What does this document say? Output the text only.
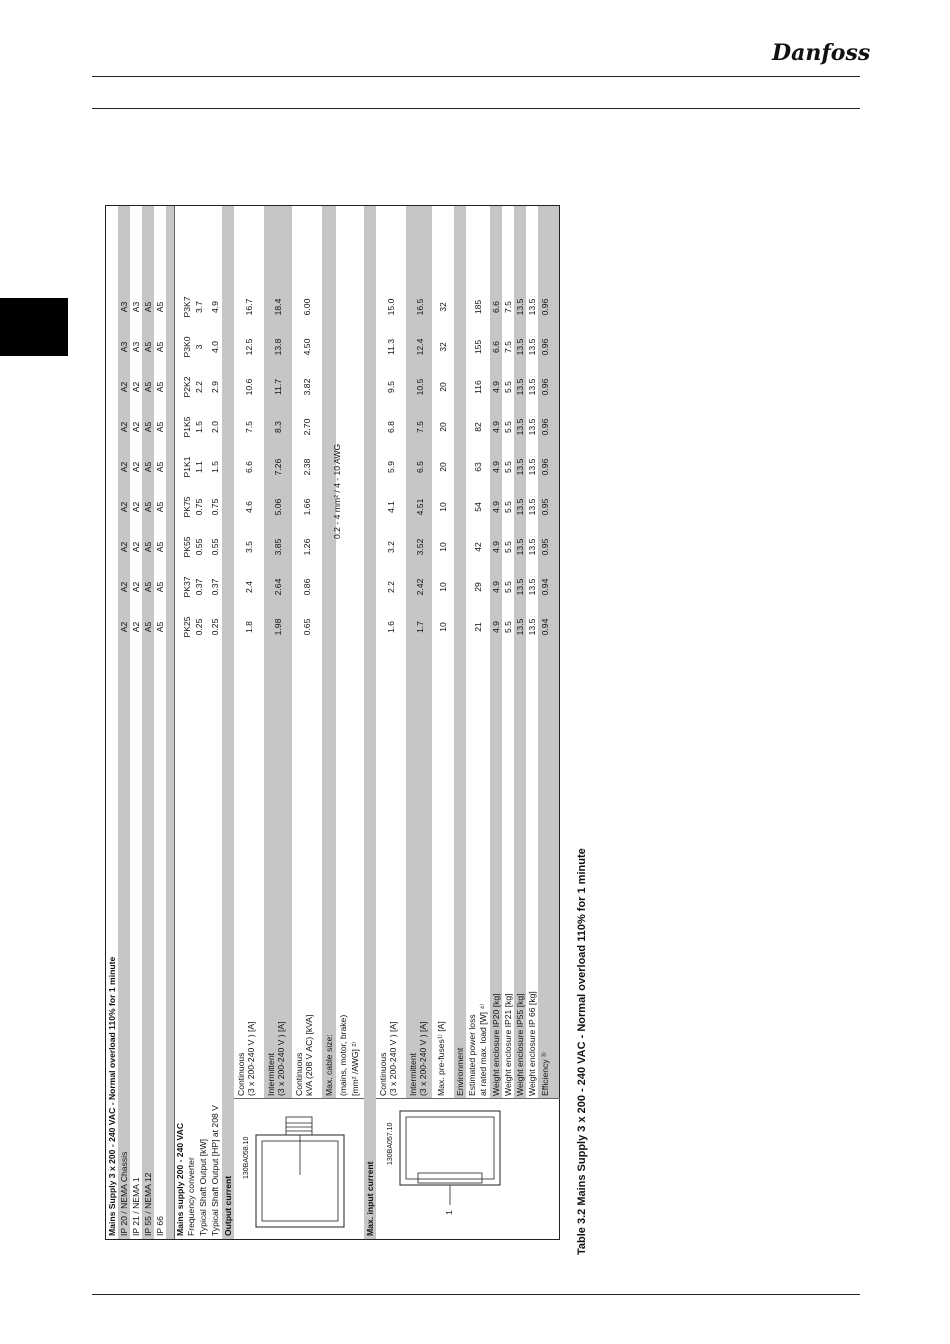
Danfoss
Mains Supply 3 x 200 - 240 VAC - Normal overload 110% for 1 minute IP 20 / NEMA Chassis
A2
A2
A2
A2
A2
A2
A2
A3
A3
IP 21 / NEMA 1
A2
A2
A2
A2
A2
A2
A2
A3
A3
IP 55 / NEMA 12
A5
A5
A5
A5
A5
A5
A5
A5
A5
IP 66
A5
A5
A5
A5
A5
A5
A5
A5
A5
Mains supply 200 - 240 VAC Frequency converter
PK25
PK37
PK55
PK75
P1K1
P1K5
P2K2
P3K0
P3K7
Typical Shaft Output [kW]
0.25
0.37
0.55
0.75
1.1
1.5
2.2
3
3.7
Typical Shaft Output [HP] at 208 V
0.25
0.37
0.55
0.75
1.5
2.0
2.9
4.0
4.9
Output current
Continuous (3 x 200-240 V ) [A]
1.8
2.4
3.5
4.6
6.6
7.5
10.6
12.5
16.7
Intermittent (3 x 200-240 V ) [A]
1.98
2.64
3.85
5.06
7.26
8.3
11.7
13.8
18.4
Continuous kVA (208 V AC) [kVA]
0.65
0.86
1.26
1.66
2.38
2.70
3.82
4.50
6.00
Max. cable size: (mains, motor, brake) [mm² /AWG] ²⁾
0.2 - 4 mm² / 4 - 10 AWG
130BA058.10
Max. input current
Continuous (3 x 200-240 V ) [A]
1.6
2.2
3.2
4.1
5.9
6.8
9.5
11.3
15.0
Intermittent (3 x 200-240 V ) [A]
1.7
2.42
3.52
4.51
6.5
7.5
10.5
12.4
16.5
Max. pre-fuses¹⁾ [A]
10
10
10
10
20
20
20
32
32
Environment Estimated power loss at rated max. load [W] ⁴⁾
21
29
42
54
63
82
116
155
185
Weight enclosure IP20 [kg]
4.9
4.9
4.9
4.9
4.9
4.9
4.9
6.6
6.6
Weight enclosure IP21 [kg]
5.5
5.5
5.5
5.5
5.5
5.5
5.5
7.5
7.5
Weight enclosure IP55 [kg]
13.5
13.5
13.5
13.5
13.5
13.5
13.5
13.5
13.5
Weight enclosure IP 66 [kg]
13.5
13.5
13.5
13.5
13.5
13.5
13.5
13.5
13.5
Efficiency ³⁾
0.94
0.94
0.95
0.95
0.96
0.96
0.96
0.96
0.96
130BA057.10
1	Table 3.2 Mains Supply 3 x 200 - 240 VAC - Normal overload 110% for 1 minute
